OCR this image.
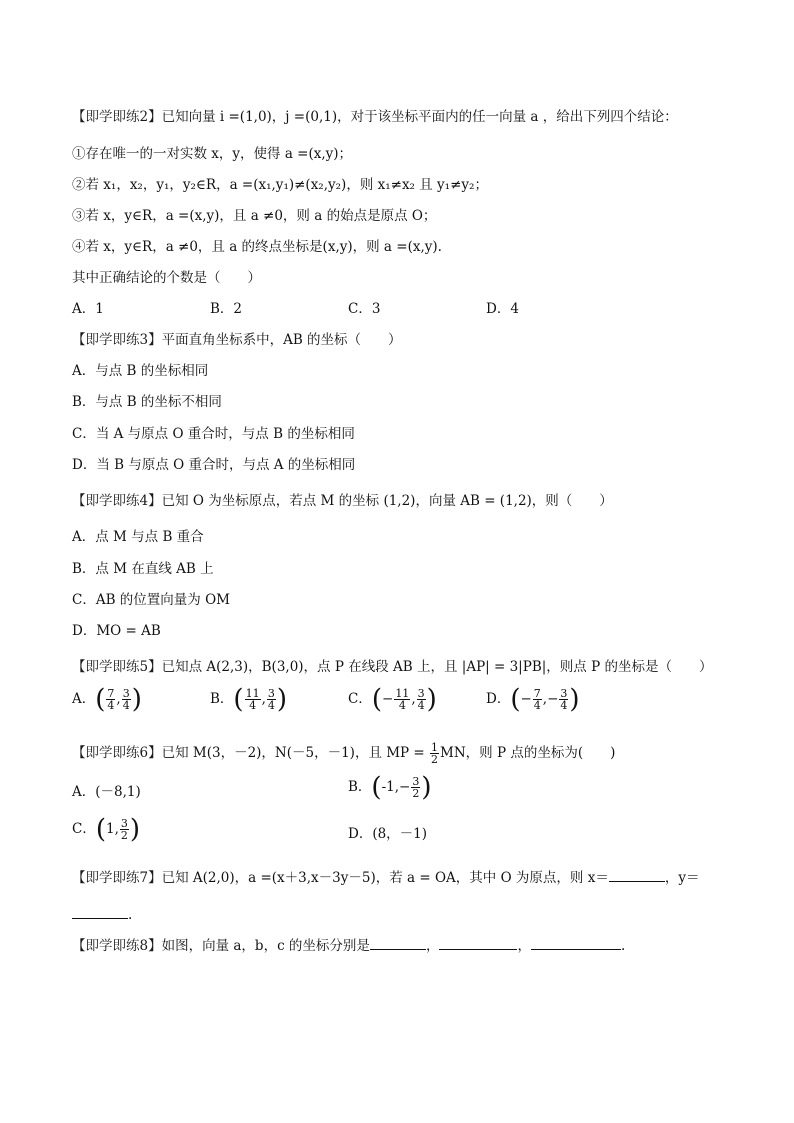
【即学即练2】已知向量 i =(1,0)，j =(0,1)，对于该坐标平面内的任一向量 a ，给出下列四个结论：
①存在唯一的一对实数 x，y，使得 a =(x,y)；
②若 x₁，x₂，y₁，y₂∈R，a =(x₁,y₁)≠(x₂,y₂)，则 x₁≠x₂ 且 y₁≠y₂；
③若 x，y∈R，a =(x,y)，且 a ≠0，则 a 的始点是原点 O；
④若 x，y∈R，a ≠0，且 a 的终点坐标是(x,y)，则 a =(x,y).
其中正确结论的个数是（　　）
A．1	B．2	C．3	D．4
【即学即练3】平面直角坐标系中，AB 的坐标（　　）
A．与点 B 的坐标相同
B．与点 B 的坐标不相同
C．当 A 与原点 O 重合时，与点 B 的坐标相同
D．当 B 与原点 O 重合时，与点 A 的坐标相同
【即学即练4】已知 O 为坐标原点，若点 M 的坐标 (1,2)，向量 AB = (1,2)，则（　　）
A．点 M 与点 B 重合
B．点 M 在直线 AB 上
C．AB 的位置向量为 OM
D．MO = AB
【即学即练5】已知点 A(2,3)，B(3,0)，点 P 在线段 AB 上，且 |AP| = 3|PB|，则点 P 的坐标是（　　）
A．( $\frac{7}{4}$ , $\frac{3}{4}$ )	B．( $\frac{11}{4}$ , $\frac{3}{4}$ )	C．(− $\frac{11}{4}$ , $\frac{3}{4}$ )	D．(− $\frac{7}{4}$ ,− $\frac{3}{4}$ )
【即学即练6】已知 M(3，－2)，N(－5，－1)，且 MP = $\frac{1}{2}$ MN，则 P 点的坐标为(　　)
A．(－8,1)	B．($-1,- \frac{3}{2}$ )
C．(1, $\frac{3}{2}$ )	D．(8，－1)
【即学即练7】已知 A(2,0)，a =(x＋3,x－3y－5)，若 a = OA，其中 O 为原点，则 x＝	，y＝
.
【即学即练8】如图，向量 a，b，c 的坐标分别是	，	，	.
